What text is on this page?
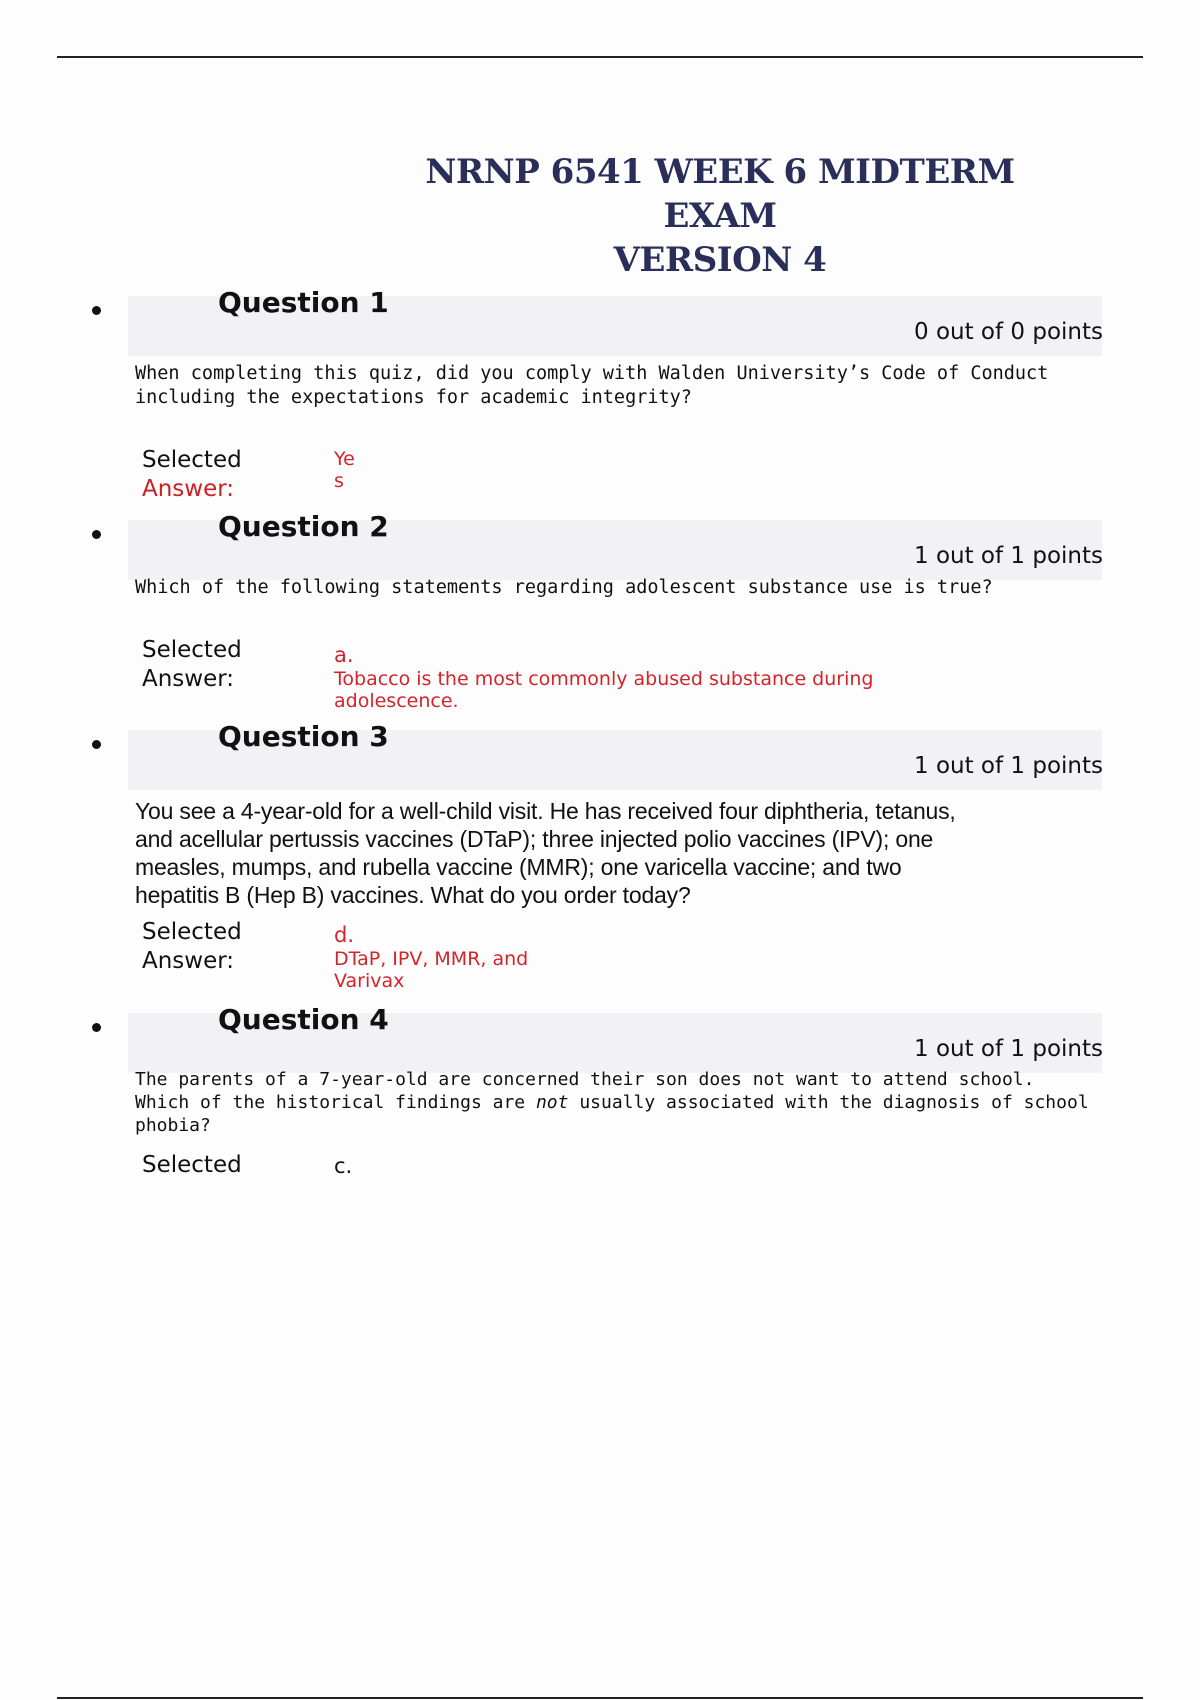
NRNP 6541 WEEK 6 MIDTERM EXAM
VERSION 4
Question 1
0 out of 0 points
When completing this quiz, did you comply with Walden University’s Code of Conduct
including the expectations for academic integrity?
Selected
Answer:
Ye
s
Question 2
1 out of 1 points
Which of the following statements regarding adolescent substance use is true?
Selected
Answer:
a.
Tobacco is the most commonly abused substance during
adolescence.
Question 3
1 out of 1 points
You see a 4-year-old for a well-child visit. He has received four diphtheria, tetanus,
and acellular pertussis vaccines (DTaP); three injected polio vaccines (IPV); one
measles, mumps, and rubella vaccine (MMR); one varicella vaccine; and two
hepatitis B (Hep B) vaccines. What do you order today?
Selected
Answer:
d.
DTaP, IPV, MMR, and
Varivax
Question 4
1 out of 1 points
The parents of a 7-year-old are concerned their son does not want to attend school.
Which of the historical findings are not usually associated with the diagnosis of school
phobia?
Selected	c.
